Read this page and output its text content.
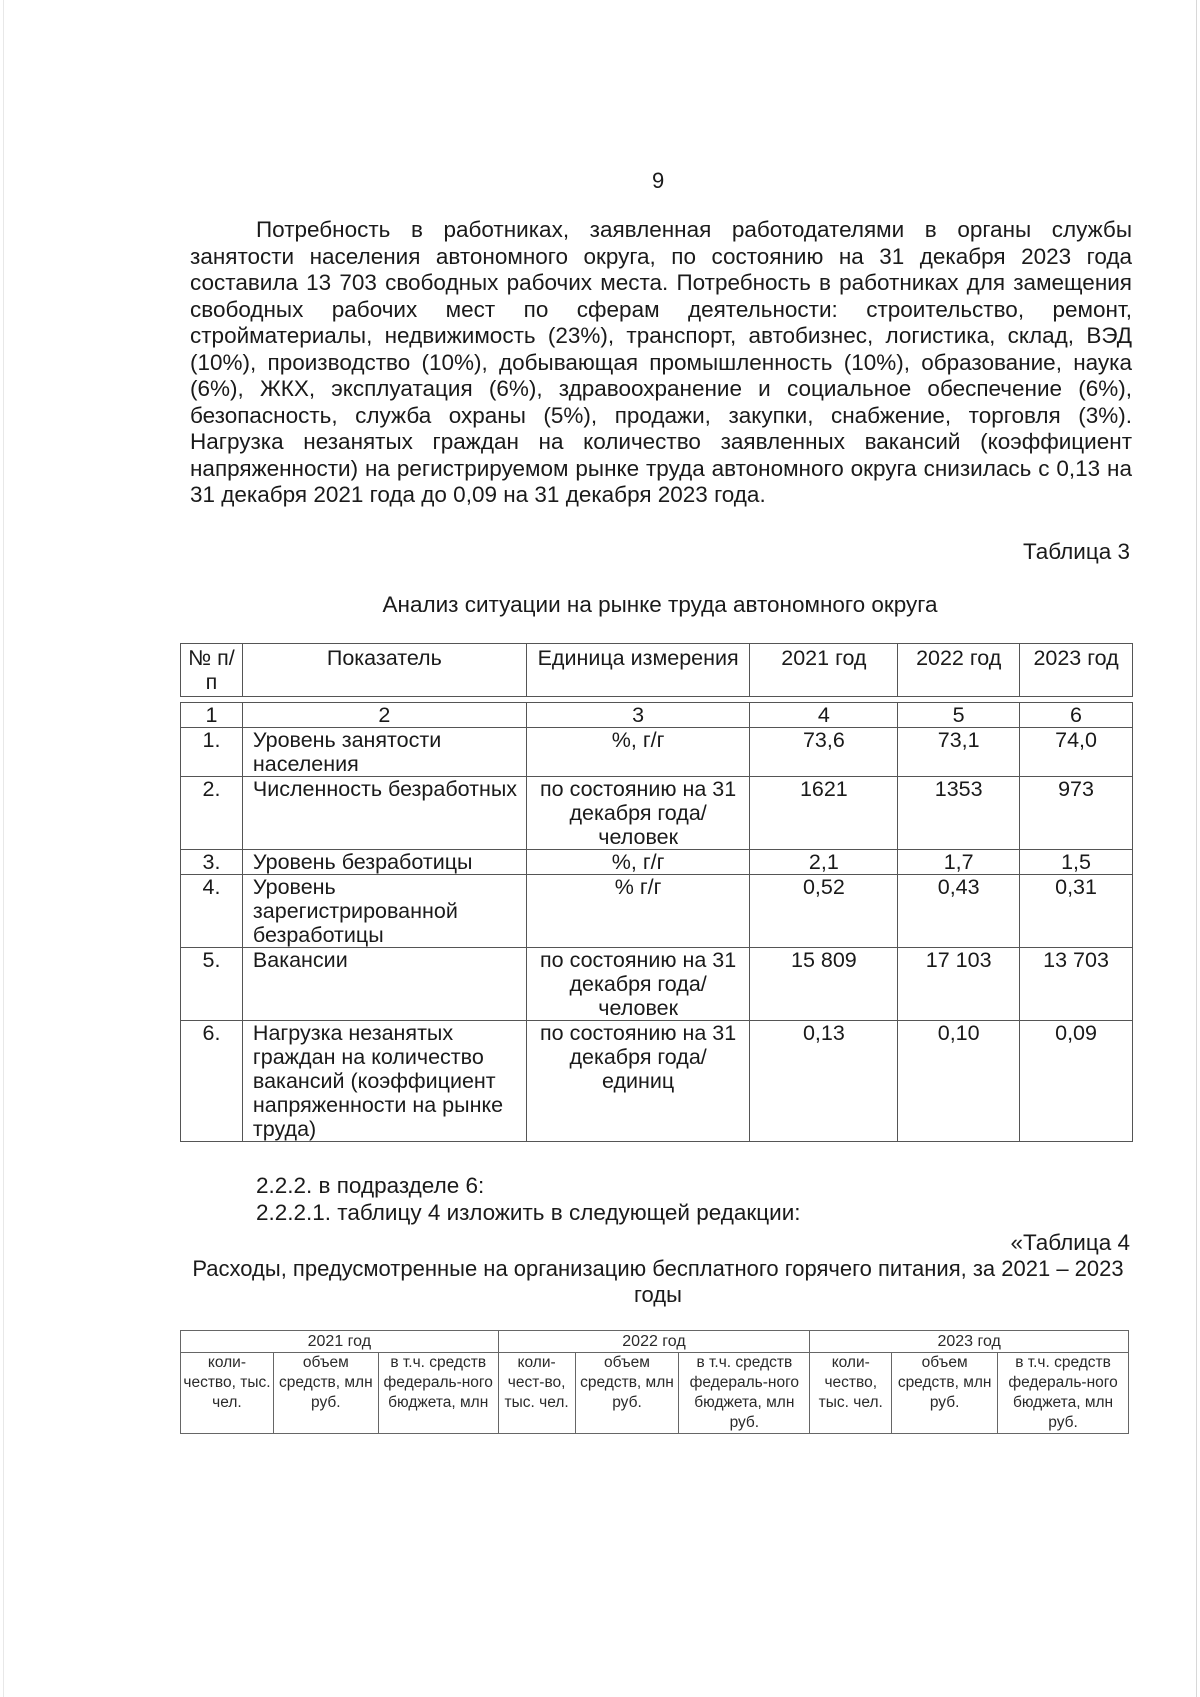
9

Потребность в работниках, заявленная работодателями в органы службы занятости населения автономного округа, по состоянию на 31 декабря 2023 года составила 13 703 свободных рабочих места. Потребность в работниках для замещения свободных рабочих мест по сферам деятельности: строительство, ремонт, стройматериалы, недвижимость (23%), транспорт, автобизнес, логистика, склад, ВЭД (10%), производство (10%), добывающая промышленность (10%), образование, наука (6%), ЖКХ, эксплуатация (6%), здравоохранение и социальное обеспечение (6%), безопасность, служба охраны (5%), продажи, закупки, снабжение, торговля (3%). Нагрузка незанятых граждан на количество заявленных вакансий (коэффициент напряженности) на регистрируемом рынке труда автономного округа снизилась с 0,13 на 31 декабря 2021 года до 0,09 на 31 декабря 2023 года.

Таблица 3
Анализ ситуации на рынке труда автономного округа
№ п/п	Показатель	Единица измерения	2021 год	2022 год	2023 год

1	2	3	4	5	6
1.	Уровень занятости населения	%, г/г	73,6	73,1	74,0
2.	Численность безработных	по состоянию на 31 декабря года/ человек	1621	1353	973
3.	Уровень безработицы	%, г/г	2,1	1,7	1,5
4.	Уровень зарегистрированной безработицы	% г/г	0,52	0,43	0,31
5.	Вакансии	по состоянию на 31 декабря года/ человек	15 809	17 103	13 703
6.	Нагрузка незанятых граждан на количество вакансий (коэффициент напряженности на рынке труда)	по состоянию на 31 декабря года/ единиц	0,13	0,10	0,09
2.2.2. в подразделе 6:
2.2.2.1. таблицу 4 изложить в следующей редакции:
«Таблица 4
Расходы, предусмотренные на организацию бесплатного горячего питания, за 2021 – 2023 годы
2021 год			2022 год			2023 год		
коли-чество, тыс. чел.	объем средств, млн руб.	в т.ч. средств федераль-ного бюджета, млн	коли-чест-во, тыс. чел.	объем средств, млн руб.	в т.ч. средств федераль-ного бюджета, млн руб.	коли-чество, тыс. чел.	объем средств, млн руб.	в т.ч. средств федераль-ного бюджета, млн руб.
